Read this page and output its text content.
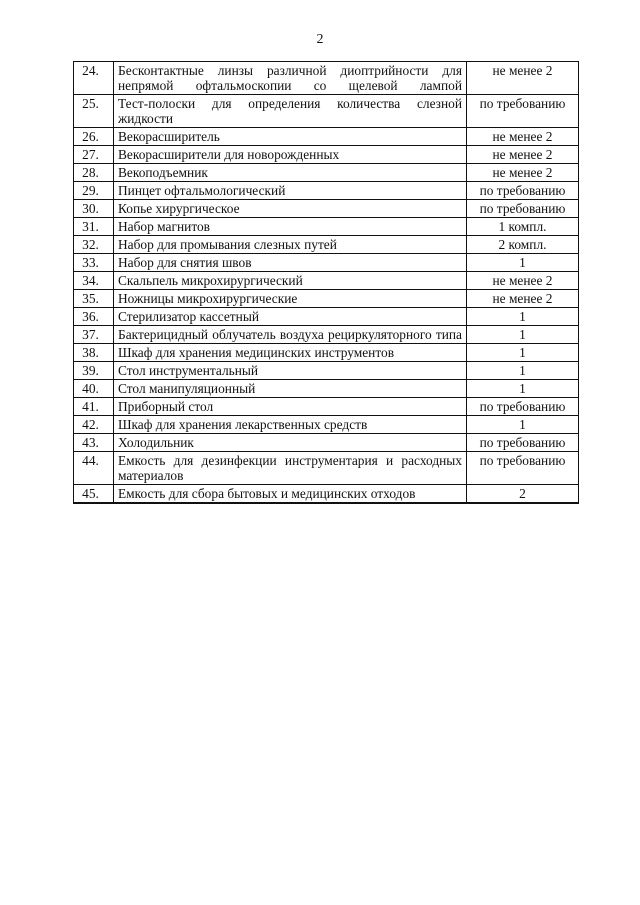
2
24.	Бесконтактные линзы различной диоптрийности для непрямой офтальмоскопии со щелевой лампой	не менее 2
25.	Тест-полоски для определения количества слезной жидкости	по требованию
26.	Векорасширитель	не менее 2
27.	Векорасширители для новорожденных	не менее 2
28.	Векоподъемник	не менее 2
29.	Пинцет офтальмологический	по требованию
30.	Копье хирургическое	по требованию
31.	Набор магнитов	1 компл.
32.	Набор для промывания слезных путей	2 компл.
33.	Набор для снятия швов	1
34.	Скальпель микрохирургический	не менее 2
35.	Ножницы микрохирургические	не менее 2
36.	Стерилизатор кассетный	1
37.	Бактерицидный облучатель воздуха рециркуляторного типа	1
38.	Шкаф для хранения медицинских инструментов	1
39.	Стол инструментальный	1
40.	Стол манипуляционный	1
41.	Приборный стол	по требованию
42.	Шкаф для хранения лекарственных средств	1
43.	Холодильник	по требованию
44.	Емкость для дезинфекции инструментария и расходных материалов	по требованию
45.	Емкость для сбора бытовых и медицинских отходов	2
